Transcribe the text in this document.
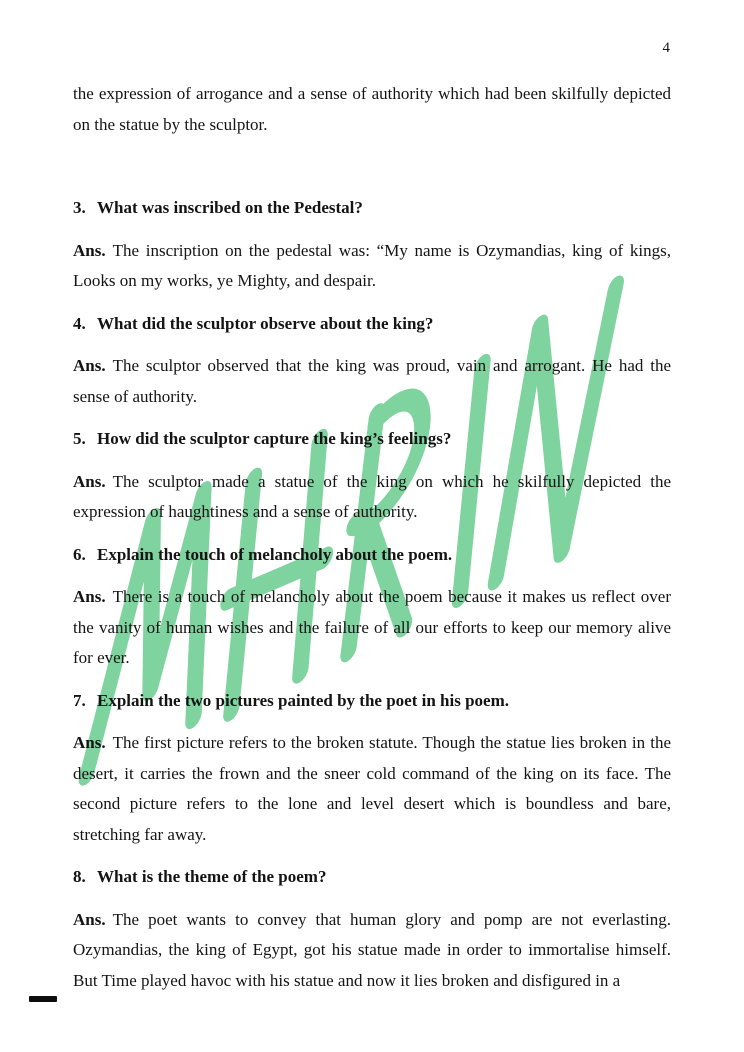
4

the expression of arrogance and a sense of authority which had been skilfully depicted on the statue by the sculptor.

3. What was inscribed on the Pedestal?

Ans. The inscription on the pedestal was: “My name is Ozymandias, king of kings, Looks on my works, ye Mighty, and despair.

4. What did the sculptor observe about the king?

Ans. The sculptor observed that the king was proud, vain and arrogant. He had the sense of authority.

5. How did the sculptor capture the king’s feelings?

Ans. The sculptor made a statue of the king on which he skilfully depicted the expression of haughtiness and a sense of authority.

6. Explain the touch of melancholy about the poem.

Ans. There is a touch of melancholy about the poem because it makes us reflect over the vanity of human wishes and the failure of all our efforts to keep our memory alive for ever.

7. Explain the two pictures painted by the poet in his poem.

Ans. The first picture refers to the broken statute. Though the statue lies broken in the desert, it carries the frown and the sneer cold command of the king on its face. The second picture refers to the lone and level desert which is boundless and bare, stretching far away.

8. What is the theme of the poem?

Ans. The poet wants to convey that human glory and pomp are not everlasting. Ozymandias, the king of Egypt, got his statue made in order to immortalise himself. But Time played havoc with his statue and now it lies broken and disfigured in a
